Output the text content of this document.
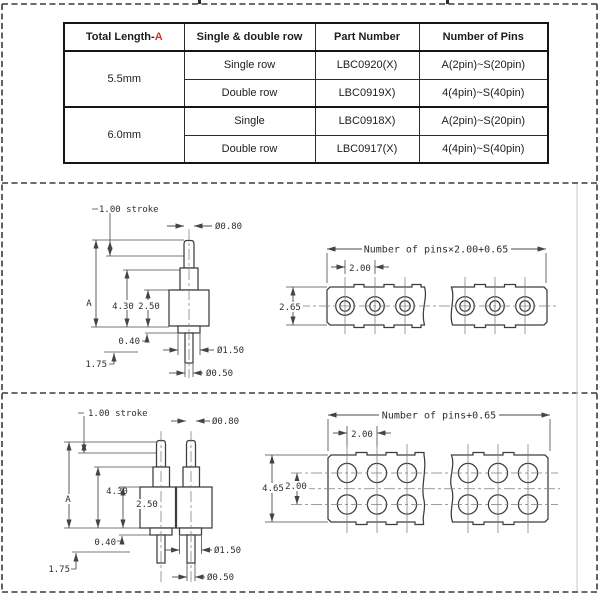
1.00 stroke
Ø0.80
A 4.30 2.50
0.40
1.75
Ø1.50
Ø0.50
Number of pins×2.00+0.65
2.00
2.65
1.00 stroke
Ø0.80
A
4.30
2.50
0.40
1.75
Ø1.50
Ø0.50
Number of pins+0.65
2.00
4.65 2.00
Total Length-A	Single & double row	Part Number	Number of Pins
5.5mm	Single row	LBC0920(X)	A(2pin)~S(20pin)
	Double row	LBC0919X)	4(4pin)~S(40pin)
6.0mm	Single	LBC0918X)	A(2pin)~S(20pin)
	Double row	LBC0917(X)	4(4pin)~S(40pin)
